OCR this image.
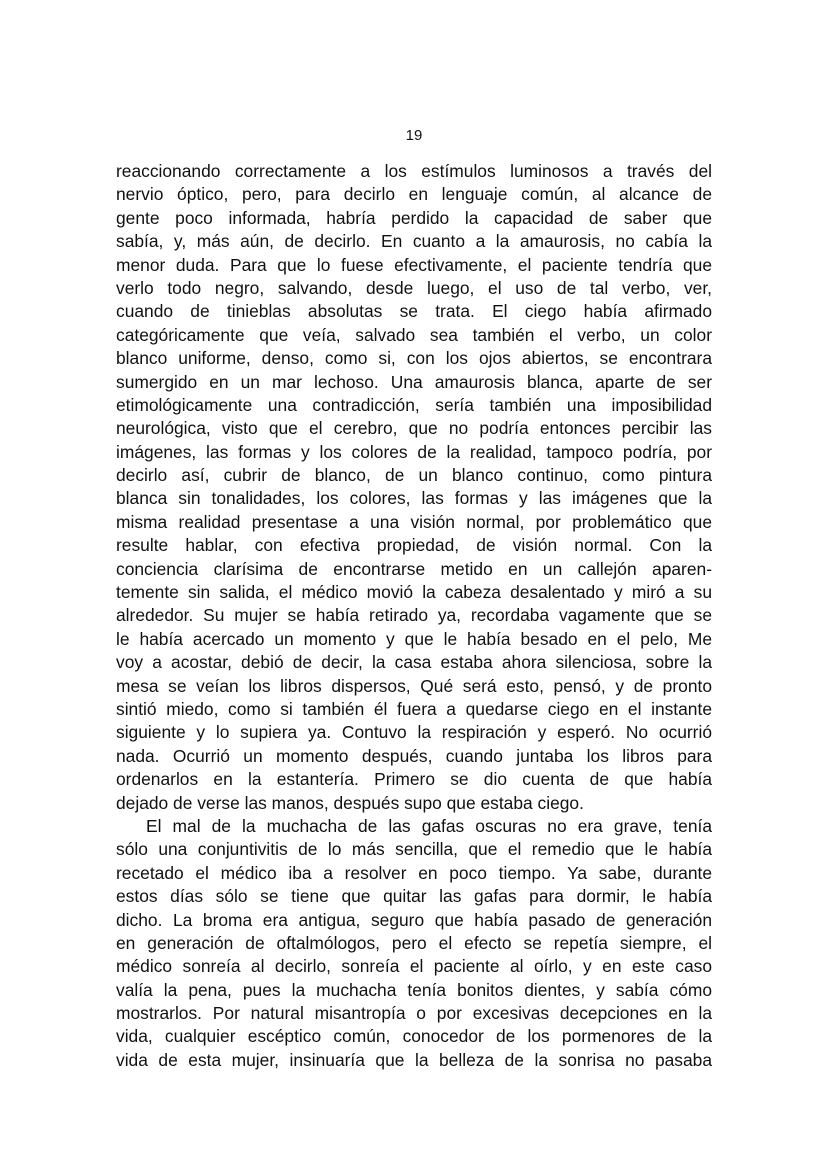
19
reaccionando correctamente a los estímulos luminosos a través del
nervio óptico, pero, para decirlo en lenguaje común, al alcance de
gente poco informada, habría perdido la capacidad de saber que
sabía, y, más aún, de decirlo. En cuanto a la amaurosis, no cabía la
menor duda. Para que lo fuese efectivamente, el paciente tendría que
verlo todo negro, salvando, desde luego, el uso de tal verbo, ver,
cuando de tinieblas absolutas se trata. El ciego había afirmado
categóricamente que veía, salvado sea también el verbo, un color
blanco uniforme, denso, como si, con los ojos abiertos, se encontrara
sumergido en un mar lechoso. Una amaurosis blanca, aparte de ser
etimológicamente una contradicción, sería también una imposibilidad
neurológica, visto que el cerebro, que no podría entonces percibir las
imágenes, las formas y los colores de la realidad, tampoco podría, por
decirlo así, cubrir de blanco, de un blanco continuo, como pintura
blanca sin tonalidades, los colores, las formas y las imágenes que la
misma realidad presentase a una visión normal, por problemático que
resulte hablar, con efectiva propiedad, de visión normal. Con la
conciencia clarísima de encontrarse metido en un callejón aparen-
temente sin salida, el médico movió la cabeza desalentado y miró a su
alrededor. Su mujer se había retirado ya, recordaba vagamente que se
le había acercado un momento y que le había besado en el pelo, Me
voy a acostar, debió de decir, la casa estaba ahora silenciosa, sobre la
mesa se veían los libros dispersos, Qué será esto, pensó, y de pronto
sintió miedo, como si también él fuera a quedarse ciego en el instante
siguiente y lo supiera ya. Contuvo la respiración y esperó. No ocurrió
nada. Ocurrió un momento después, cuando juntaba los libros para
ordenarlos en la estantería. Primero se dio cuenta de que había
dejado de verse las manos, después supo que estaba ciego.
El mal de la muchacha de las gafas oscuras no era grave, tenía
sólo una conjuntivitis de lo más sencilla, que el remedio que le había
recetado el médico iba a resolver en poco tiempo. Ya sabe, durante
estos días sólo se tiene que quitar las gafas para dormir, le había
dicho. La broma era antigua, seguro que había pasado de generación
en generación de oftalmólogos, pero el efecto se repetía siempre, el
médico sonreía al decirlo, sonreía el paciente al oírlo, y en este caso
valía la pena, pues la muchacha tenía bonitos dientes, y sabía cómo
mostrarlos. Por natural misantropía o por excesivas decepciones en la
vida, cualquier escéptico común, conocedor de los pormenores de la
vida de esta mujer, insinuaría que la belleza de la sonrisa no pasaba
